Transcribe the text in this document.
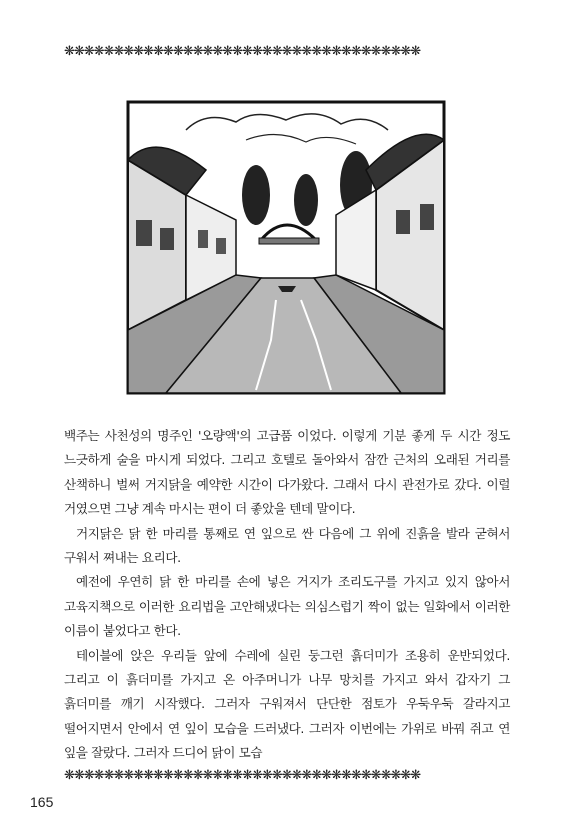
❋❋❋❋❋❋❋❋❋❋❋❋❋❋❋❋❋❋❋❋❋❋❋❋❋❋❋❋❋❋❋❋❋❋❋❋

백주는 사천성의 명주인 '오량액'의 고급품 이었다. 이렇게 기분 좋게 두 시간 정도 느긋하게 술을 마시게 되었다. 그리고 호텔로 돌아와서 잠깐 근처의 오래된 거리를 산책하니 벌써 거지닭을 예약한 시간이 다가왔다. 그래서 다시 관전가로 갔다. 이럴 거였으면 그냥 계속 마시는 편이 더 좋았을 텐데 말이다.

거지닭은 닭 한 마리를 통째로 연 잎으로 싼 다음에 그 위에 진흙을 발라 굳혀서 구워서 쪄내는 요리다.

예전에 우연히 닭 한 마리를 손에 넣은 거지가 조리도구를 가지고 있지 않아서 고육지책으로 이러한 요리법을 고안해냈다는 의심스럽기 짝이 없는 일화에서 이러한 이름이 붙었다고 한다.

테이블에 앉은 우리들 앞에 수레에 실린 둥그런 흙더미가 조용히 운반되었다. 그리고 이 흙더미를 가지고 온 아주머니가 나무 망치를 가지고 와서 갑자기 그 흙더미를 깨기 시작했다. 그러자 구워져서 단단한 점토가 우둑우둑 갈라지고 떨어지면서 안에서 연 잎이 모습을 드러냈다. 그러자 이번에는 가위로 바꿔 쥐고 연 잎을 잘랐다. 그러자 드디어 닭이 모습

❋❋❋❋❋❋❋❋❋❋❋❋❋❋❋❋❋❋❋❋❋❋❋❋❋❋❋❋❋❋❋❋❋❋❋❋
165
